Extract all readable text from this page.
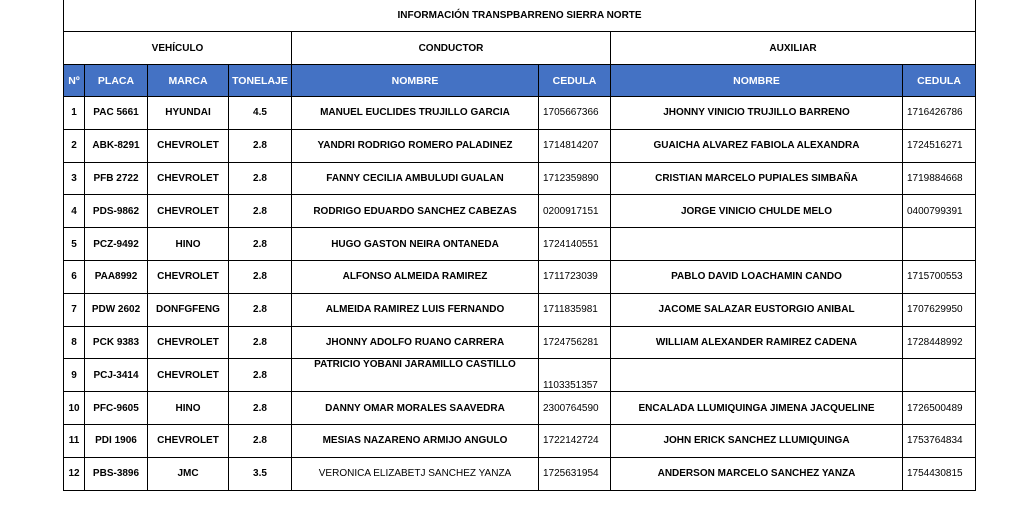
INFORMACIÓN TRANSPBARRENO SIERRA NORTE							
VEHÍCULO				CONDUCTOR		AUXILIAR	
Nº	PLACA	MARCA	TONELAJE	NOMBRE	CEDULA	NOMBRE	CEDULA
1	PAC 5661	HYUNDAI	4.5	MANUEL EUCLIDES TRUJILLO GARCIA	1705667366	JHONNY VINICIO TRUJILLO BARRENO	1716426786
2	ABK-8291	CHEVROLET	2.8	YANDRI RODRIGO ROMERO PALADINEZ	1714814207	GUAICHA ALVAREZ FABIOLA ALEXANDRA	1724516271
3	PFB 2722	CHEVROLET	2.8	FANNY CECILIA AMBULUDI GUALAN	1712359890	CRISTIAN MARCELO PUPIALES SIMBAÑA	1719884668
4	PDS-9862	CHEVROLET	2.8	RODRIGO EDUARDO SANCHEZ CABEZAS	0200917151	JORGE VINICIO CHULDE MELO	0400799391
5	PCZ-9492	HINO	2.8	HUGO GASTON NEIRA ONTANEDA	1724140551		
6	PAA8992	CHEVROLET	2.8	ALFONSO ALMEIDA RAMIREZ	1711723039	PABLO DAVID LOACHAMIN CANDO	1715700553
7	PDW 2602	DONFGFENG	2.8	ALMEIDA RAMIREZ LUIS FERNANDO	1711835981	JACOME SALAZAR EUSTORGIO ANIBAL	1707629950
8	PCK 9383	CHEVROLET	2.8	JHONNY ADOLFO RUANO CARRERA	1724756281	WILLIAM ALEXANDER RAMIREZ CADENA	1728448992
9	PCJ-3414	CHEVROLET	2.8	PATRICIO YOBANI JARAMILLO CASTILLO	1103351357		
10	PFC-9605	HINO	2.8	DANNY OMAR MORALES SAAVEDRA	2300764590	ENCALADA LLUMIQUINGA JIMENA JACQUELINE	1726500489
11	PDI 1906	CHEVROLET	2.8	MESIAS NAZARENO ARMIJO ANGULO	1722142724	JOHN ERICK SANCHEZ LLUMIQUINGA	1753764834
12	PBS-3896	JMC	3.5	VERONICA ELIZABETJ SANCHEZ YANZA	1725631954	ANDERSON MARCELO SANCHEZ YANZA	1754430815
